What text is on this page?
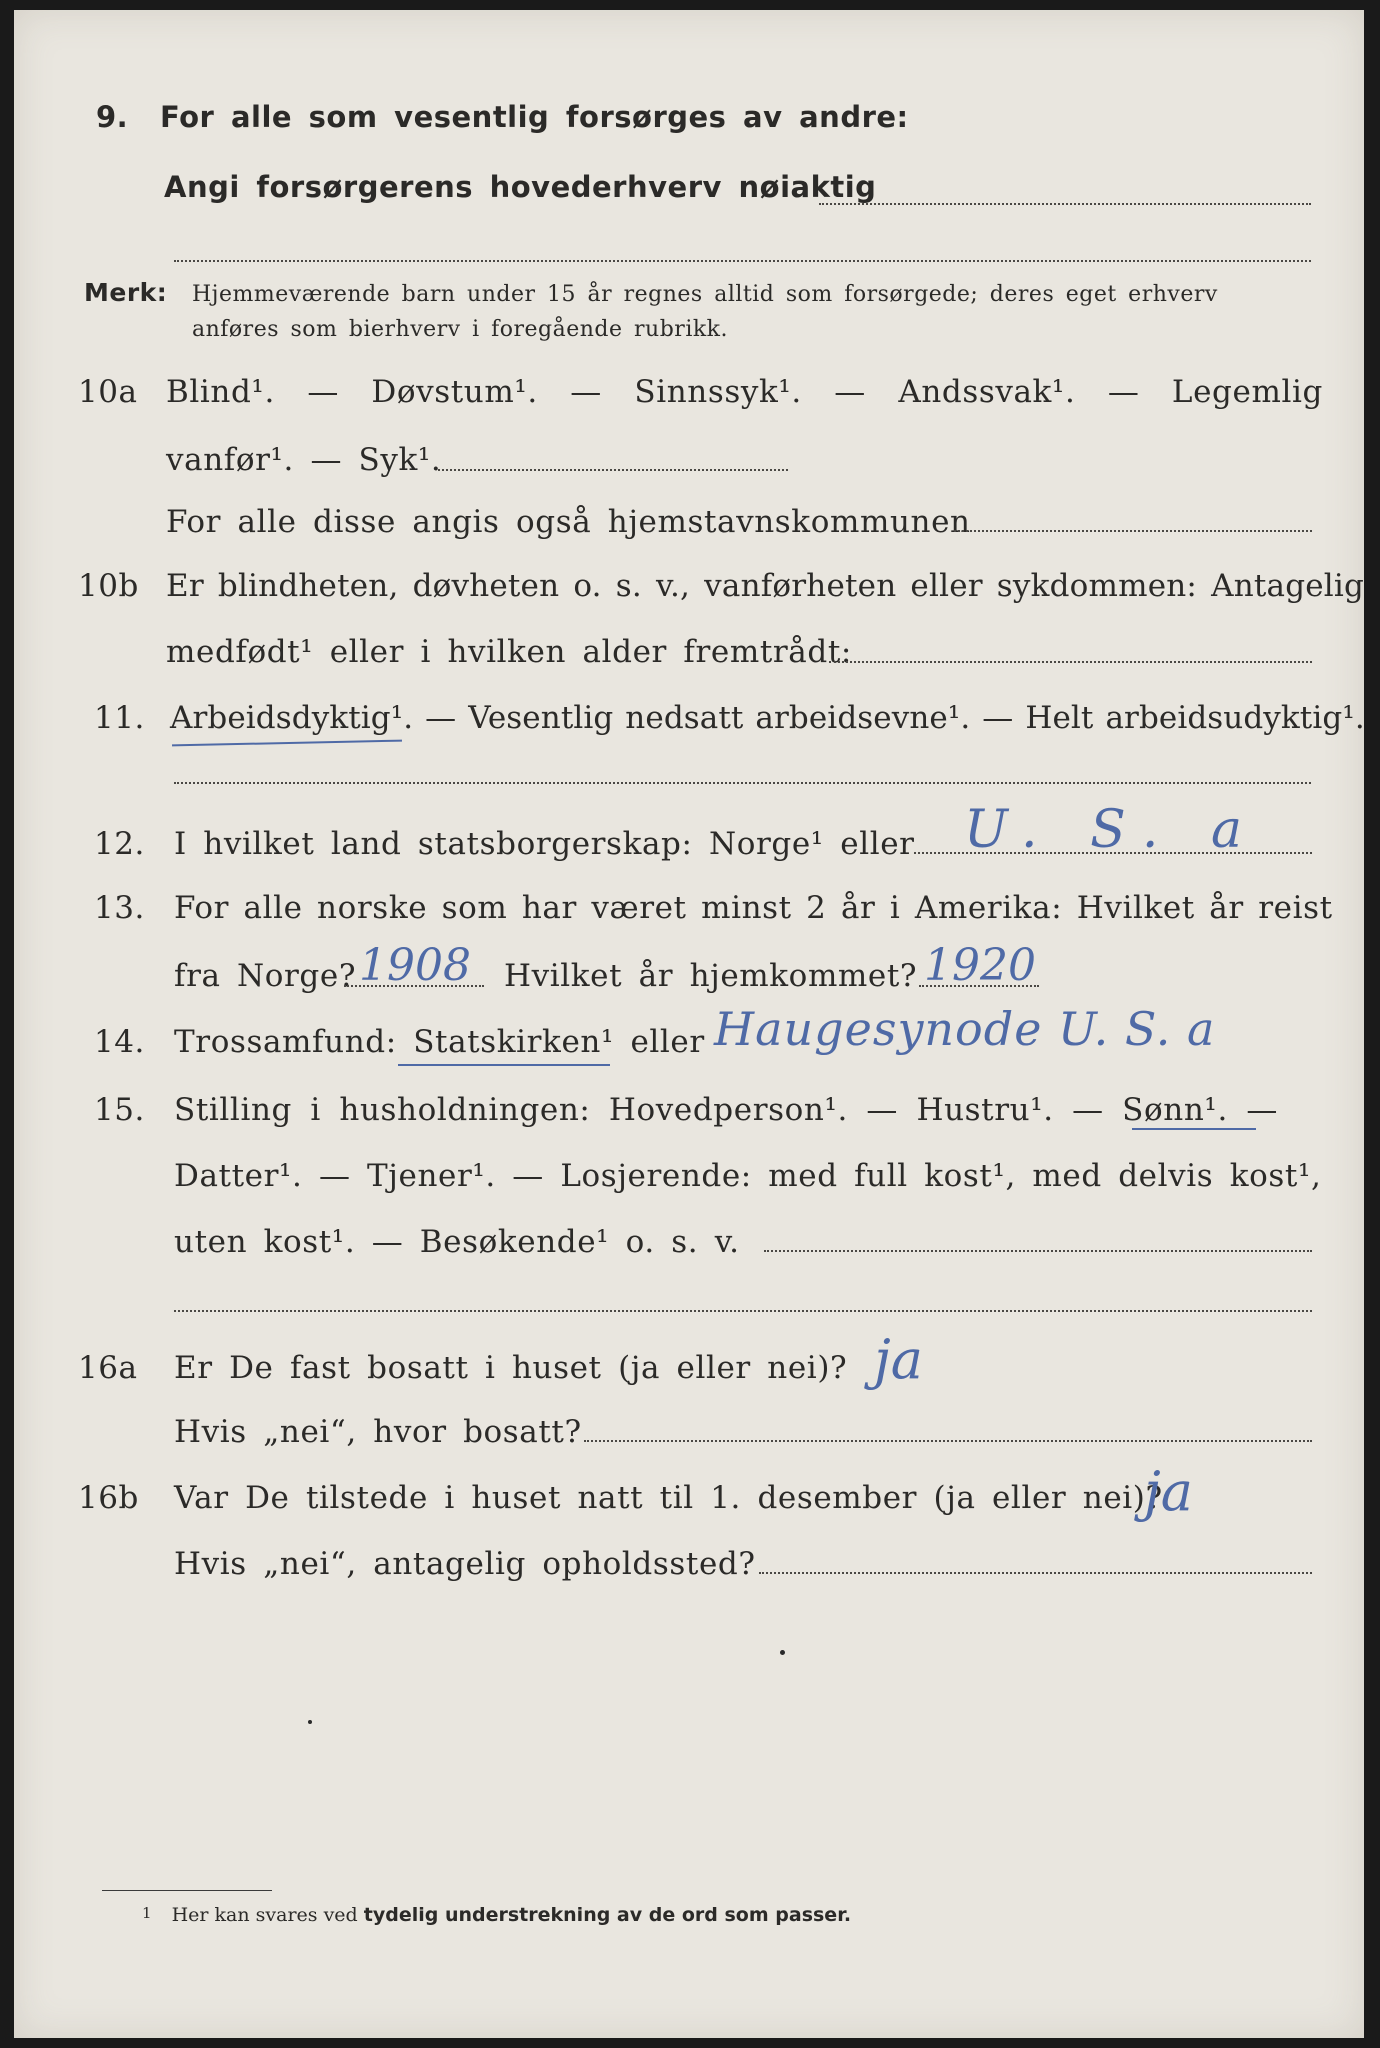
9. For alle som vesentlig forsørges av andre:
Angi forsørgerens hovederhverv nøiaktig
Merk: Hjemmeværende barn under 15 år regnes alltid som forsørgede; deres eget erhverv
anføres som bierhverv i foregående rubrikk.
10a Blind¹. — Døvstum¹. — Sinnssyk¹. — Andssvak¹. — Legemlig
vanfør¹. — Syk¹.
For alle disse angis også hjemstavnskommunen
10b Er blindheten, døvheten o. s. v., vanførheten eller sykdommen: Antagelig
medfødt¹ eller i hvilken alder fremtrådt:
11. Arbeidsdyktig¹. — Vesentlig nedsatt arbeidsevne¹. — Helt arbeidsudyktig¹.
12. I hvilket land statsborgerskap: Norge¹ eller U. S. a
13. For alle norske som har været minst 2 år i Amerika: Hvilket år reist
fra Norge? 1908 Hvilket år hjemkommet? 1920
14. Trossamfund: Statskirken¹ eller Haugesynode U. S. a
15. Stilling i husholdningen: Hovedperson¹. — Hustru¹. — Sønn¹. —
Datter¹. — Tjener¹. — Losjerende: med full kost¹, med delvis kost¹,
uten kost¹. — Besøkende¹ o. s. v.
16a Er De fast bosatt i huset (ja eller nei)? ja
Hvis „nei“, hvor bosatt?
16b Var De tilstede i huset natt til 1. desember (ja eller nei)?
ja
Hvis „nei“, antagelig opholdssted?
1 Her kan svares ved tydelig understrekning av de ord som passer.
